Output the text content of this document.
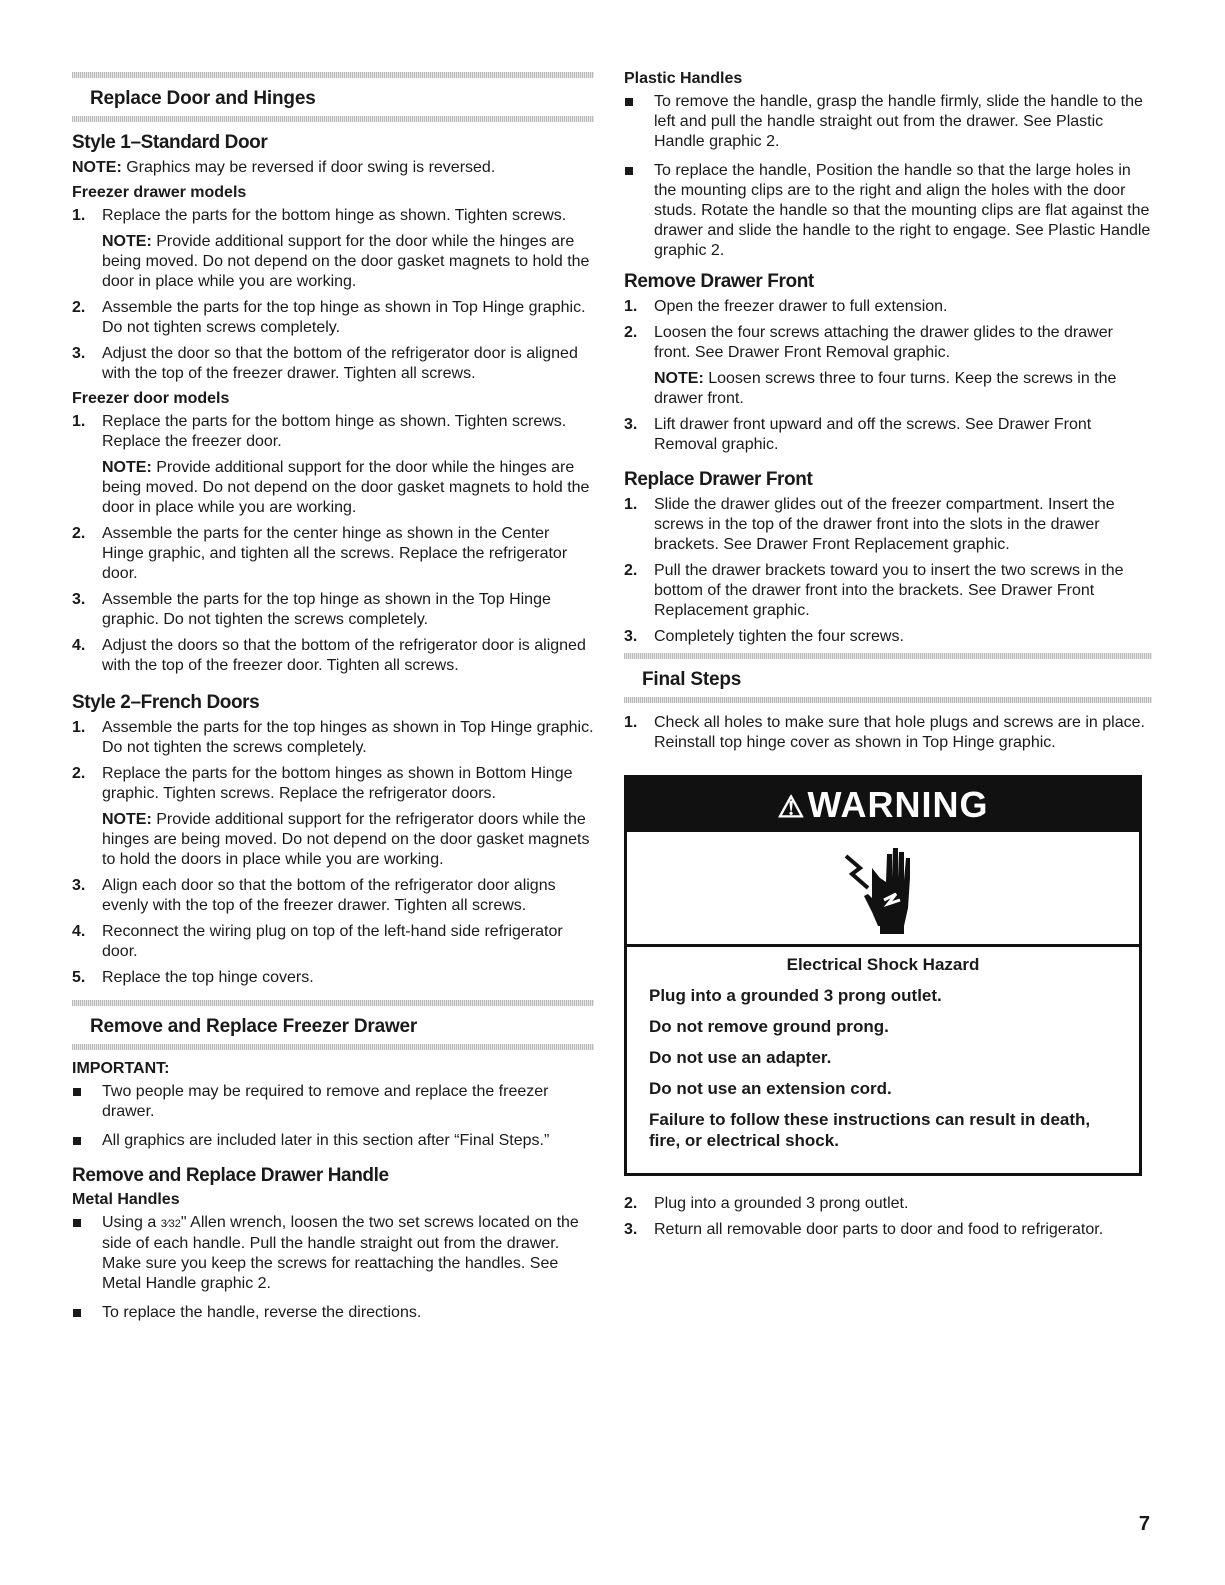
Replace Door and Hinges
Style 1–Standard Door

NOTE: Graphics may be reversed if door swing is reversed.

Freezer drawer models
1.	Replace the parts for the bottom hinge as shown. Tighten screws.

NOTE: Provide additional support for the door while the hinges are being moved. Do not depend on the door gasket magnets to hold the door in place while you are working.

2.	Assemble the parts for the top hinge as shown in Top Hinge graphic. Do not tighten screws completely.
3.	Adjust the door so that the bottom of the refrigerator door is aligned with the top of the freezer drawer. Tighten all screws.
Freezer door models
1.	Replace the parts for the bottom hinge as shown. Tighten screws. Replace the freezer door.

NOTE: Provide additional support for the door while the hinges are being moved. Do not depend on the door gasket magnets to hold the door in place while you are working.

2.	Assemble the parts for the center hinge as shown in the Center Hinge graphic, and tighten all the screws. Replace the refrigerator door.
3.	Assemble the parts for the top hinge as shown in the Top Hinge graphic. Do not tighten the screws completely.
4.	Adjust the doors so that the bottom of the refrigerator door is aligned with the top of the freezer door. Tighten all screws.
Style 2–French Doors
1.	Assemble the parts for the top hinges as shown in Top Hinge graphic. Do not tighten the screws completely.
2.	Replace the parts for the bottom hinges as shown in Bottom Hinge graphic. Tighten screws. Replace the refrigerator doors.

NOTE: Provide additional support for the refrigerator doors while the hinges are being moved. Do not depend on the door gasket magnets to hold the doors in place while you are working.

3.	Align each door so that the bottom of the refrigerator door aligns evenly with the top of the freezer drawer. Tighten all screws.
4.	Reconnect the wiring plug on top of the left-hand side refrigerator door.
5.	Replace the top hinge covers.
Remove and Replace Freezer Drawer
IMPORTANT:
Two people may be required to remove and replace the freezer drawer.
All graphics are included later in this section after “Final Steps.”
Remove and Replace Drawer Handle
Metal Handles
Using a 3⁄32" Allen wrench, loosen the two set screws located on the side of each handle. Pull the handle straight out from the drawer. Make sure you keep the screws for reattaching the handles. See Metal Handle graphic 2.
To replace the handle, reverse the directions.
Plastic Handles
To remove the handle, grasp the handle firmly, slide the handle to the left and pull the handle straight out from the drawer. See Plastic Handle graphic 2.
To replace the handle, Position the handle so that the large holes in the mounting clips are to the right and align the holes with the door studs. Rotate the handle so that the mounting clips are flat against the drawer and slide the handle to the right to engage. See Plastic Handle graphic 2.
Remove Drawer Front
1.	Open the freezer drawer to full extension.
2.	Loosen the four screws attaching the drawer glides to the drawer front. See Drawer Front Removal graphic.

NOTE: Loosen screws three to four turns. Keep the screws in the drawer front.

3.	Lift drawer front upward and off the screws. See Drawer Front Removal graphic.
Replace Drawer Front
1.	Slide the drawer glides out of the freezer compartment. Insert the screws in the top of the drawer front into the slots in the drawer brackets. See Drawer Front Replacement graphic.
2.	Pull the drawer brackets toward you to insert the two screws in the bottom of the drawer front into the brackets. See Drawer Front Replacement graphic.
3.	Completely tighten the four screws.
Final Steps
1.	Check all holes to make sure that hole plugs and screws are in place. Reinstall top hinge cover as shown in Top Hinge graphic.
⚠WARNING
Electrical Shock Hazard

Plug into a grounded 3 prong outlet.

Do not remove ground prong.

Do not use an adapter.

Do not use an extension cord.

Failure to follow these instructions can result in death, fire, or electrical shock.

2.	Plug into a grounded 3 prong outlet.
3.	Return all removable door parts to door and food to refrigerator.
7
